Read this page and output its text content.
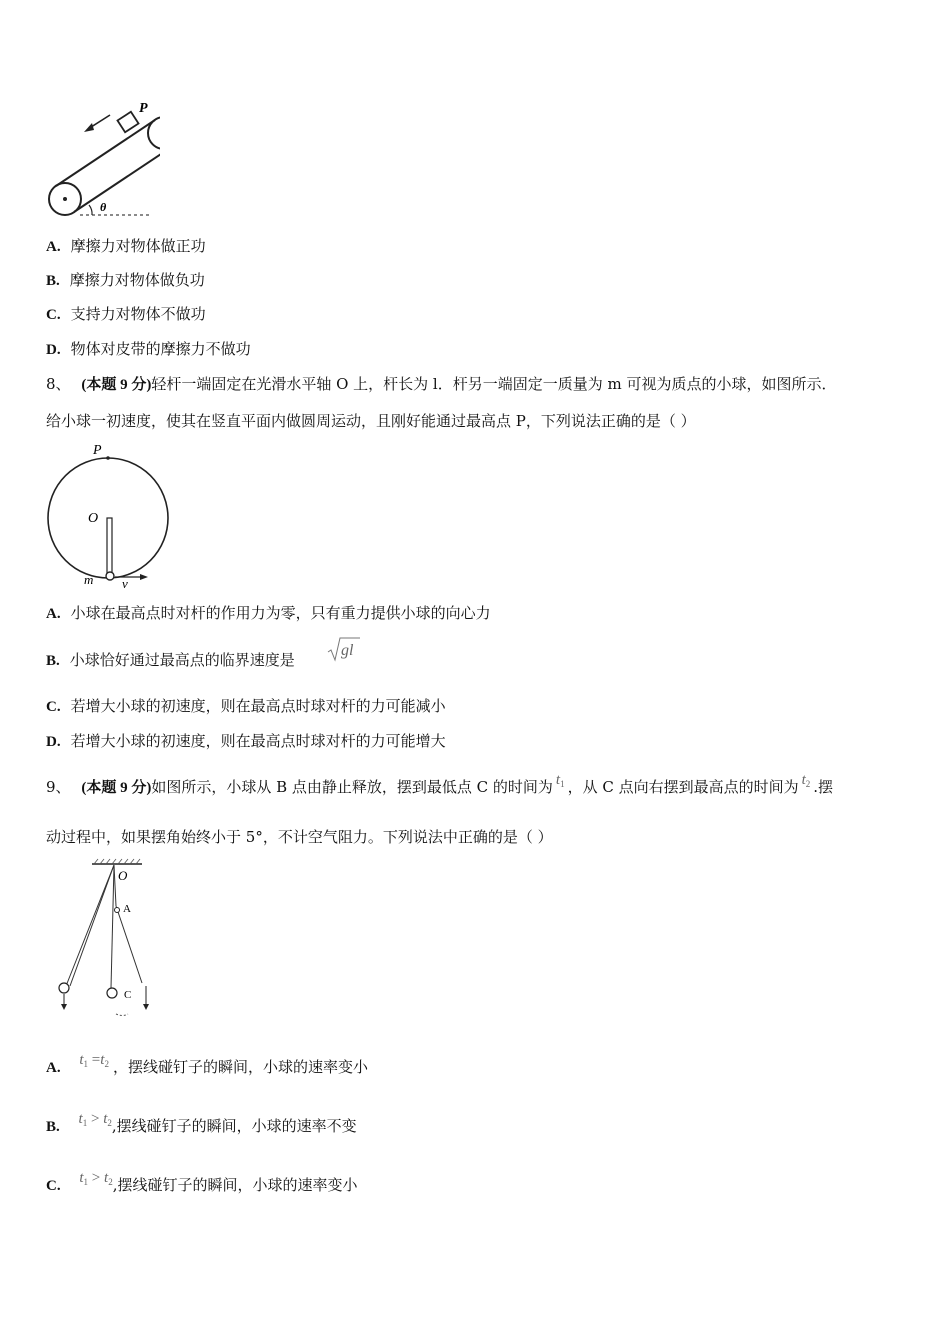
P
θ
A. 摩擦力对物体做正功
B. 摩擦力对物体做负功
C. 支持力对物体不做功
D. 物体对皮带的摩擦力不做功
8、 (本题 9 分)轻杆一端固定在光滑水平轴 O 上，杆长为 l．杆另一端固定一质量为 m 可视为质点的小球，如图所示．
给小球一初速度，使其在竖直平面内做圆周运动，且刚好能通过最高点 P，下列说法正确的是（ ）
P
O
m v
A. 小球在最高点时对杆的作用力为零，只有重力提供小球的向心力
B. 小球恰好通过最高点的临界速度是
gl
C. 若增大小球的初速度，则在最高点时球对杆的力可能减小
D. 若增大小球的初速度，则在最高点时球对杆的力可能增大
9、 (本题 9 分)如图所示，小球从 B 点由静止释放，摆到最低点 C 的时间为 $t_1$ ，从 C 点向右摆到最高点的时间为 $t_2$ .摆
动过程中，如果摆角始终小于 5°，不计空气阻力。下列说法中正确的是（ ）
O
A
C
A. $t_1 =t_2$ ，摆线碰钉子的瞬间，小球的速率变小
B. $t_1 > t_2$,摆线碰钉子的瞬间，小球的速率不变
C. $t_1 > t_2$,摆线碰钉子的瞬间，小球的速率变小
